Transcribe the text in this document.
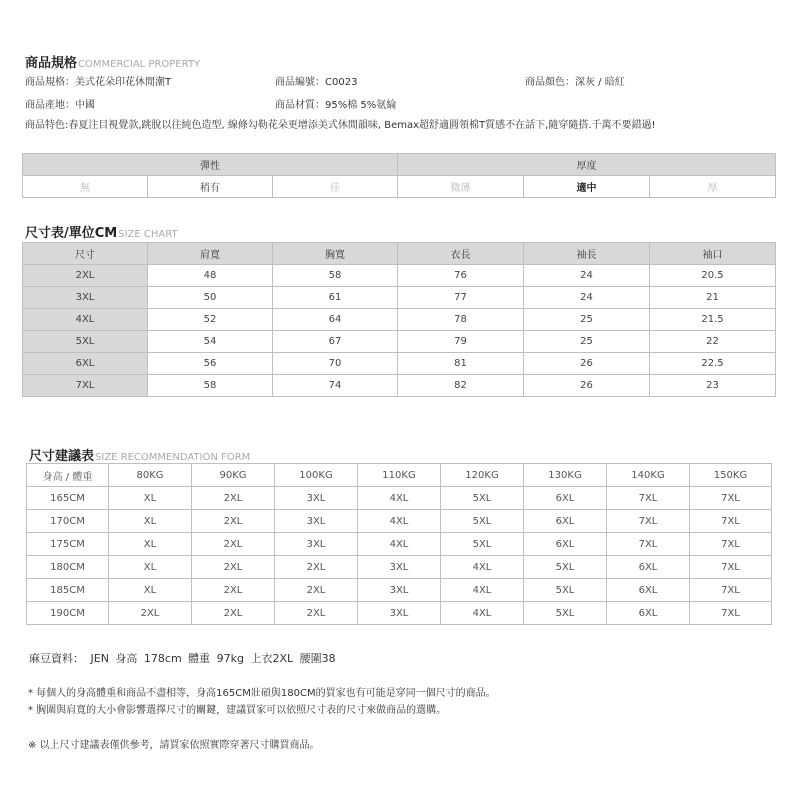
商品規格COMMERCIAL PROPERTY
商品規格：美式花朵印花休閒潮T	商品編號：C0023	商品顏色：深灰 / 暗紅
商品產地：中國	商品材質：95%棉 5%氨綸
商品特色:春夏注目視覺款,跳脫以往純色造型, 線條勾勒花朵更增添美式休閒韻味, Bemax超舒適圓領棉T質感不在話下,隨穿隨搭.千萬不要錯過!
彈性			厚度		
無	稍有	佳	微薄	適中	厚
尺寸表/單位CMSIZE CHART
尺寸	肩寬	胸寬	衣長	袖長	袖口
2XL	48	58	76	24	20.5
3XL	50	61	77	24	21
4XL	52	64	78	25	21.5
5XL	54	67	79	25	22
6XL	56	70	81	26	22.5
7XL	58	74	82	26	23
尺寸建議表SIZE RECOMMENDATION FORM
身高 / 體重	80KG	90KG	100KG	110KG	120KG	130KG	140KG	150KG
165CM	XL	2XL	3XL	4XL	5XL	6XL	7XL	7XL
170CM	XL	2XL	3XL	4XL	5XL	6XL	7XL	7XL
175CM	XL	2XL	3XL	4XL	5XL	6XL	7XL	7XL
180CM	XL	2XL	2XL	3XL	4XL	5XL	6XL	7XL
185CM	XL	2XL	2XL	3XL	4XL	5XL	6XL	7XL
190CM	2XL	2XL	2XL	3XL	4XL	5XL	6XL	7XL
麻豆資料： JEN 身高 178cm 體重 97kg 上衣2XL 腰圍38
* 每個人的身高體重和商品不盡相等，身高165CM壯碩與180CM的買家也有可能是穿同一個尺寸的商品。
* 胸圍與肩寬的大小會影響選擇尺寸的關鍵，建議買家可以依照尺寸表的尺寸來做商品的選購。
※ 以上尺寸建議表僅供參考，請買家依照實際穿著尺寸購買商品。
